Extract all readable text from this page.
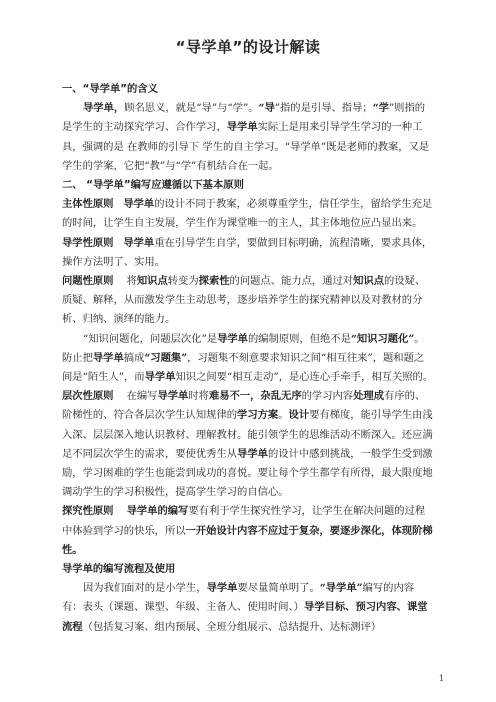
“导学单”的设计解读

一、“导学单”的含义

导学单，顾名思义，就是“导”与“学”。“导”指的是引导、指导；“学”则指的是学生的主动探究学习、合作学习，导学单实际上是用来引导学生学习的一种工具，强调的是 在教师的引导下 学生的自主学习。“导学单”既是老师的教案，又是学生的学案，它把“教”与“学”有机结合在一起。

二、 “导学单”编写应遵循以下基本原则

主体性原则 导学单的设计不同于教案，必须尊重学生，信任学生，留给学生充足的时间，让学生自主发展，学生作为课堂唯一的主人，其主体地位应凸显出来。

导学性原则 导学单重在引导学生自学，要做到目标明确，流程清晰，要求具体，操作方法明了、实用。

问题性原则 将知识点转变为探索性的问题点、能力点，通过对知识点的设疑、质疑、解释，从而激发学生主动思考，逐步培养学生的探究精神以及对教材的分析、归纳、演绎的能力。

“知识问题化，问题层次化”是导学单的编制原则，但绝不是“知识习题化”。防止把导学单搞成“习题集”，习题集不刻意要求知识之间“相互往来”，题和题之间是“陌生人”，而导学单知识之间要“相互走动”，是心连心手牵手，相互关照的。

层次性原则 在编写导学单时将难易不一，杂乱无序的学习内容处理成有序的、阶梯性的、符合各层次学生认知规律的学习方案。设计要有梯度，能引导学生由浅入深、层层深入地认识教材、理解教材。能引领学生的思维活动不断深入。还应满足不同层次学生的需求，要使优秀生从导学单的设计中感到挑战，一般学生受到激励，学习困难的学生也能尝到成功的喜悦。要让每个学生都学有所得，最大限度地调动学生的学习积极性，提高学生学习的自信心。

探究性原则 导学单的编写要有利于学生探究性学习，让学生在解决问题的过程中体验到学习的快乐，所以一开始设计内容不应过于复杂，要逐步深化，体现阶梯性。

导学单的编写流程及使用

因为我们面对的是小学生，导学单要尽量简单明了。“导学单”编写的内容有：表头（课题、课型、年级、主备人、使用时间、）导学目标、预习内容、课堂流程（包括复习案、组内预展、全班分组展示、总结提升、达标测评）

1
